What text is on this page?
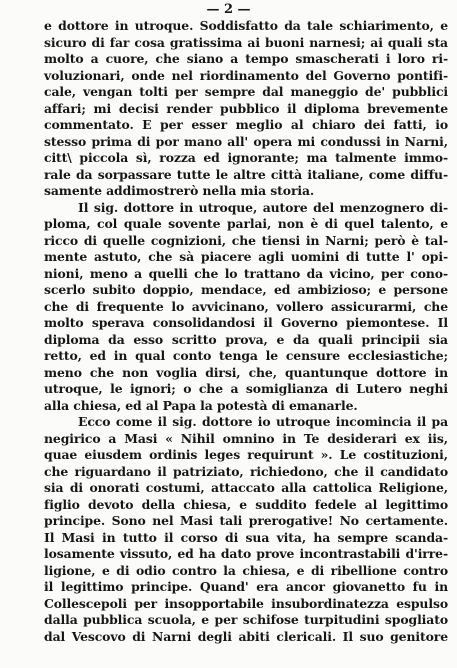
— 2 —
e dottore in utroque. Soddisfatto da tale schiarimento, e
sicuro di far cosa gratissima ai buoni narnesi; ai quali sta
molto a cuore, che siano a tempo smascherati i loro ri-
voluzionari, onde nel riordinamento del Governo pontifi-
cale, vengan tolti per sempre dal maneggio de' pubblici
affari; mi decisi render pubblico il diploma brevemente
commentato. E per esser meglio al chiaro dei fatti, io
stesso prima di por mano all' opera mi condussi in Narni,
citt\ piccola sì, rozza ed ignorante; ma talmente immo-
rale da sorpassare tutte le altre città italiane, come diffu-
samente addimostrerò nella mia storia.
Il sig. dottore in utroque, autore del menzognero di-
ploma, col quale sovente parlai, non è di quel talento, e
ricco di quelle cognizioni, che tiensi in Narni; però è tal-
mente astuto, che sà piacere agli uomini di tutte l' opi-
nioni, meno a quelli che lo trattano da vicino, per cono-
scerlo subito doppio, mendace, ed ambizioso; e persone
che di frequente lo avvicinano, vollero assicurarmi, che
molto sperava consolidandosi il Governo piemontese. Il
diploma da esso scritto prova, e da quali principii sia
retto, ed in qual conto tenga le censure ecclesiastiche;
meno che non voglia dirsi, che, quantunque dottore in
utroque, le ignori; o che a somiglianza di Lutero neghi
alla chiesa, ed al Papa la potestà di emanarle.
Ecco come il sig. dottore io utroque incomincia il pa
negirico a Masi « Nihil omnino in Te desiderari ex iis,
quae eiusdem ordinis leges requirunt ». Le costituzioni,
che riguardano il patriziato, richiedono, che il candidato
sia di onorati costumi, attaccato alla cattolica Religione,
figlio devoto della chiesa, e suddito fedele al legittimo
principe. Sono nel Masi tali prerogative! No certamente.
Il Masi in tutto il corso di sua vita, ha sempre scanda-
losamente vissuto, ed ha dato prove incontrastabili d'irre-
ligione, e di odio contro la chiesa, e di ribellione contro
il legittimo principe. Quand' era ancor giovanetto fu in
Collescepoli per insopportabile insubordinatezza espulso
dalla pubblica scuola, e per schifose turpitudini spogliato
dal Vescovo di Narni degli abiti clericali. Il suo genitore
